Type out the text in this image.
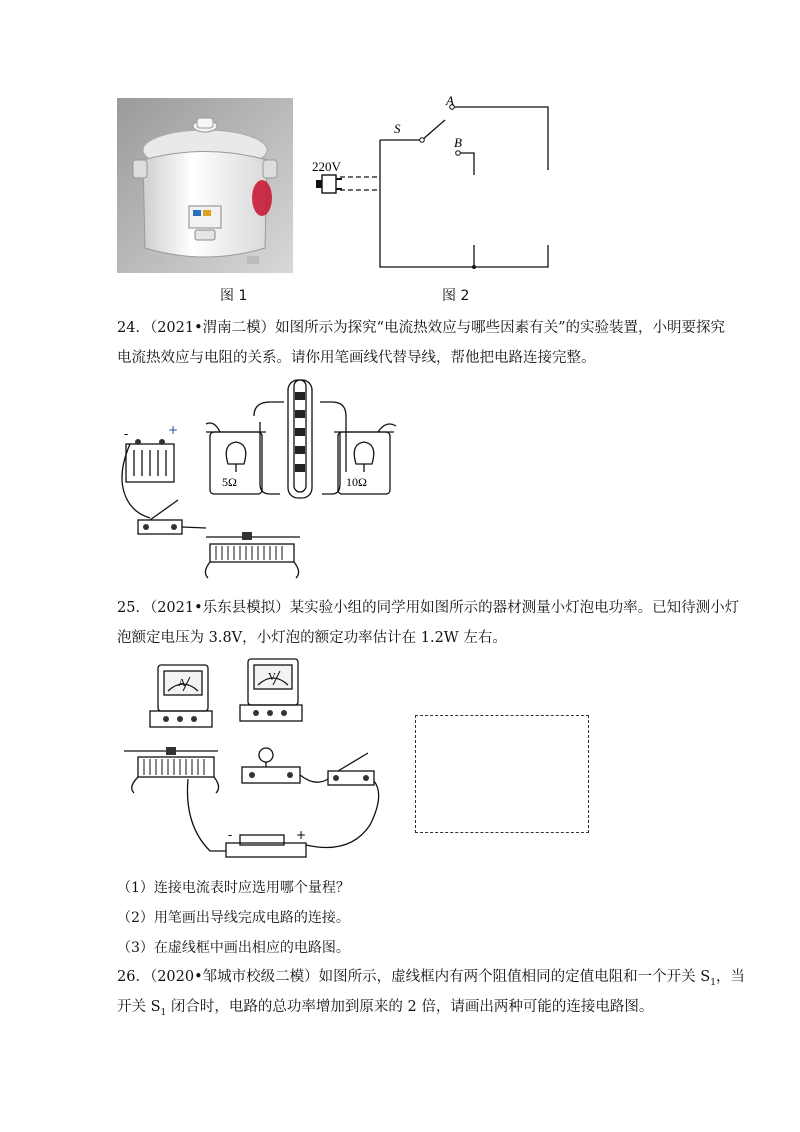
S
A
B
220V
图 1	图 2
24．（2021•渭南二模）如图所示为探究“电流热效应与哪些因素有关”的实验装置，小明要探究
电流热效应与电阻的关系。请你用笔画线代替导线，帮他把电路连接完整。
5Ω	10Ω
-	+
25．（2021•乐东县模拟）某实验小组的同学用如图所示的器材测量小灯泡电功率。已知待测小灯
泡额定电压为 3.8V，小灯泡的额定功率估计在 1.2W 左右。
A	V
-	+
（1）连接电流表时应选用哪个量程？
（2）用笔画出导线完成电路的连接。
（3）在虚线框中画出相应的电路图。
26．（2020•邹城市校级二模）如图所示，虚线框内有两个阻值相同的定值电阻和一个开关 $S_1$，当
开关 $S_1$ 闭合时，电路的总功率增加到原来的 2 倍，请画出两种可能的连接电路图。
